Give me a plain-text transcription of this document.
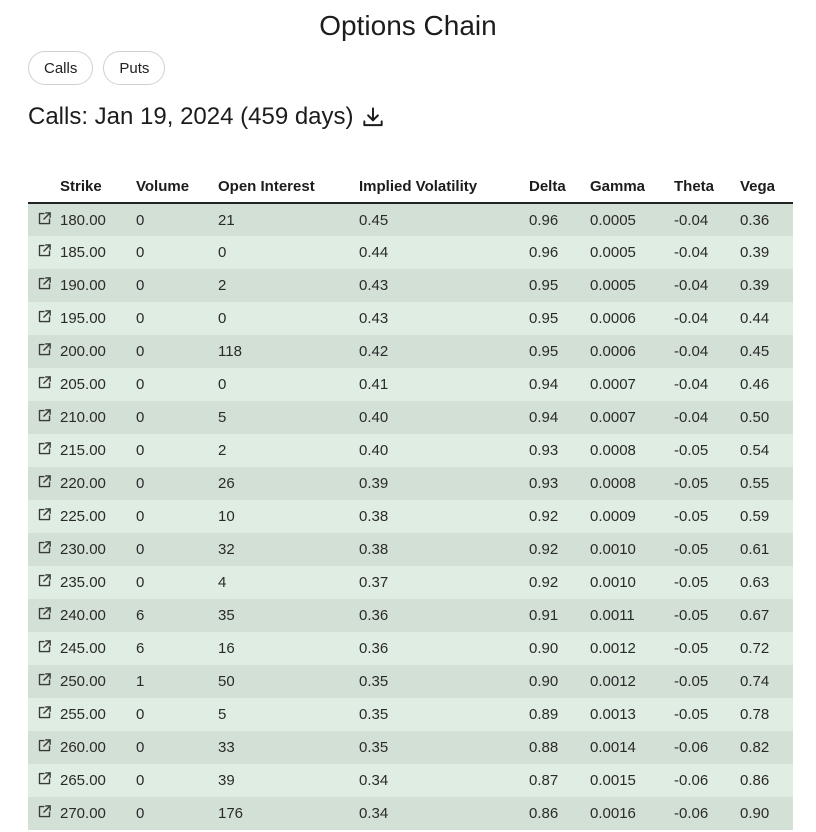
Options Chain
Calls	Puts
Calls: Jan 19, 2024 (459 days)
	Strike	Volume	Open Interest	Implied Volatility	Delta	Gamma	Theta	Vega

	180.00	0	21	0.45	0.96	0.0005	-0.04	0.36

	185.00	0	0	0.44	0.96	0.0005	-0.04	0.39

	190.00	0	2	0.43	0.95	0.0005	-0.04	0.39

	195.00	0	0	0.43	0.95	0.0006	-0.04	0.44

	200.00	0	118	0.42	0.95	0.0006	-0.04	0.45

	205.00	0	0	0.41	0.94	0.0007	-0.04	0.46

	210.00	0	5	0.40	0.94	0.0007	-0.04	0.50

	215.00	0	2	0.40	0.93	0.0008	-0.05	0.54

	220.00	0	26	0.39	0.93	0.0008	-0.05	0.55

	225.00	0	10	0.38	0.92	0.0009	-0.05	0.59

	230.00	0	32	0.38	0.92	0.0010	-0.05	0.61

	235.00	0	4	0.37	0.92	0.0010	-0.05	0.63

	240.00	6	35	0.36	0.91	0.0011	-0.05	0.67

	245.00	6	16	0.36	0.90	0.0012	-0.05	0.72

	250.00	1	50	0.35	0.90	0.0012	-0.05	0.74

	255.00	0	5	0.35	0.89	0.0013	-0.05	0.78

	260.00	0	33	0.35	0.88	0.0014	-0.06	0.82

	265.00	0	39	0.34	0.87	0.0015	-0.06	0.86

	270.00	0	176	0.34	0.86	0.0016	-0.06	0.90
